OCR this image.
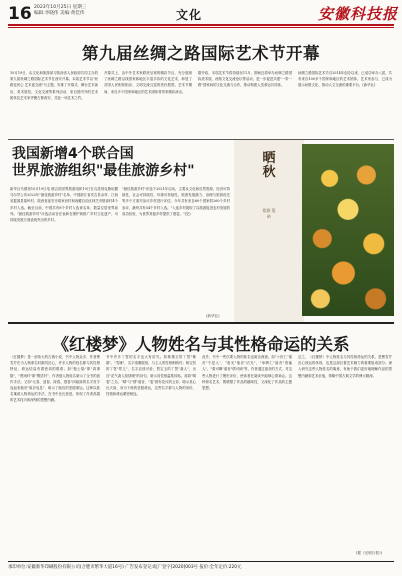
16 2023年10月25日 星期三
编辑:李晓伟 美编:黄佳伟	文化	安徽科技报
第九届丝绸之路国际艺术节开幕
10月19日，由文化和旅游部与陕西省人民政府共同主办的第九届丝绸之路国际艺术节在西安开幕。本届艺术节以"丝路连民心 艺术促交流"为主题，安排了开幕式、舞台艺术演出、美术展览、文化交流等系列活动，来自国内外的艺术团体及艺术家齐聚古都西安，共赴一场艺术之约。
开幕式上，由中外艺术家联袂呈现的精彩节目，充分展现了丝绸之路沿线国家和地区丰富多彩的文化艺术，彰显了各国人民相知相亲、文明交流互鉴的美好愿景。艺术节期间，来自多个国家和地区的艺术团体将带来精彩演出。
据介绍，本届艺术节将持续至11月，期间还将举办丝绸之路国际美术展、丝路文化交流论坛等活动，进一步促进共建"一带一路"国家间的文化交流与合作，推动构建人类命运共同体。
丝绸之路国际艺术节自2014年创办以来，已成功举办八届，共有来自100多个国家和地区的艺术团体、艺术家参与，已成为展示丝路文化、推动人文交流的重要平台。(新华社)
我国新增4个联合国
世界旅游组织"最佳旅游乡村"
新华社马德里10月19日电 联合国世界旅游组织19日在乌兹别克斯坦撒马尔罕公布2023年"最佳旅游乡村"名单，中国浙江省安吉县余村、江西省婺源县篁岭村、陕西省延安市梁家河村和西藏自治区林芝市错高村4个乡村入选。截至目前，中国共有8个乡村入选该名单，数量位居世界前列。"最佳旅游乡村"评选活动旨在表彰在保护和推广乡村文化遗产、可持续发展方面表现突出的乡村。
"最佳旅游乡村"评选于2021年启动，主要从文化和自然资源、经济可持续性、社会可持续性、环境可持续性、旅游发展潜力、治理与旅游优先等多个方面对参评乡村进行评估。今年共有来自60个国家的260个乡村参评，最终共有54个乡村入选。"入选乡村展现了以旅游促进农村发展的成功经验，为世界其他乡村提供了借鉴。"(完)
(新华社)
晒秋
婺源·篁岭
《红楼梦》人物姓名与其性格命运的关系
《红楼梦》是一部伟大的古典小说，书中人物众多，作者曹雪芹在为人物命名时颇具匠心，许多人物的姓名都与其性格特征、命运结局有着密切的联系。如"甄士隐"即"真事隐"，"贾雨村"即"假语村"，作者借人物姓名暗示了全书的创作手法。又如"元春、迎春、探春、惜春"四姐妹的名字首字连起来谐音"原应叹息"，暗示了她们的悲剧命运。这种以姓名寓意人物命运的手法，在书中比比皆是，体现了作者高超的艺术技巧和深刻的思想内涵。
书中许多丫鬟的名字也大有讲究。如林黛玉的丫鬟"紫鹃"、"雪雁"，名字清雅脱俗，与主人的性格相映衬；薛宝钗的丫鬟"莺儿"，名字活泼可爱；贾宝玉的丫鬟"袭人"，出自"花气袭人知昼暖"的诗句，暗示其性格温柔体贴。再如"晴雯"之名，"晴"与"情"谐音，"雯"指有花纹的云彩，暗示其心比天高、身为下贱的悲剧命运，这些名字都与人物的身份、性格和命运紧密相连。
此外，书中一些次要人物的姓名也暗含深意。如"卜世仁"谐音"不是人"，"詹光"谐音"沾光"，"单聘仁"谐音"善骗人"，"秦可卿"谐音"情可倾"等，作者通过谐音的方式，对这些人物进行了褒贬评价，使读者在阅读中能够心领神会。这种命名艺术，既增强了作品的趣味性，又深化了作品的主题思想。
总之，《红楼梦》中人物姓名与其性格命运的关系，是曹雪芹匠心独运的体现，也是这部巨著艺术魅力的重要组成部分。深入研究这些人物姓名的寓意，有助于我们更好地理解作品的思想内涵和艺术价值，领略中国古典文学的博大精深。
(据《光明日报》)
承印单位:安徽新华印刷股份有限公司(合肥市繁华大道16号) 广告发布登记:皖广登字[2020]003号 报价:全年定价:220元
